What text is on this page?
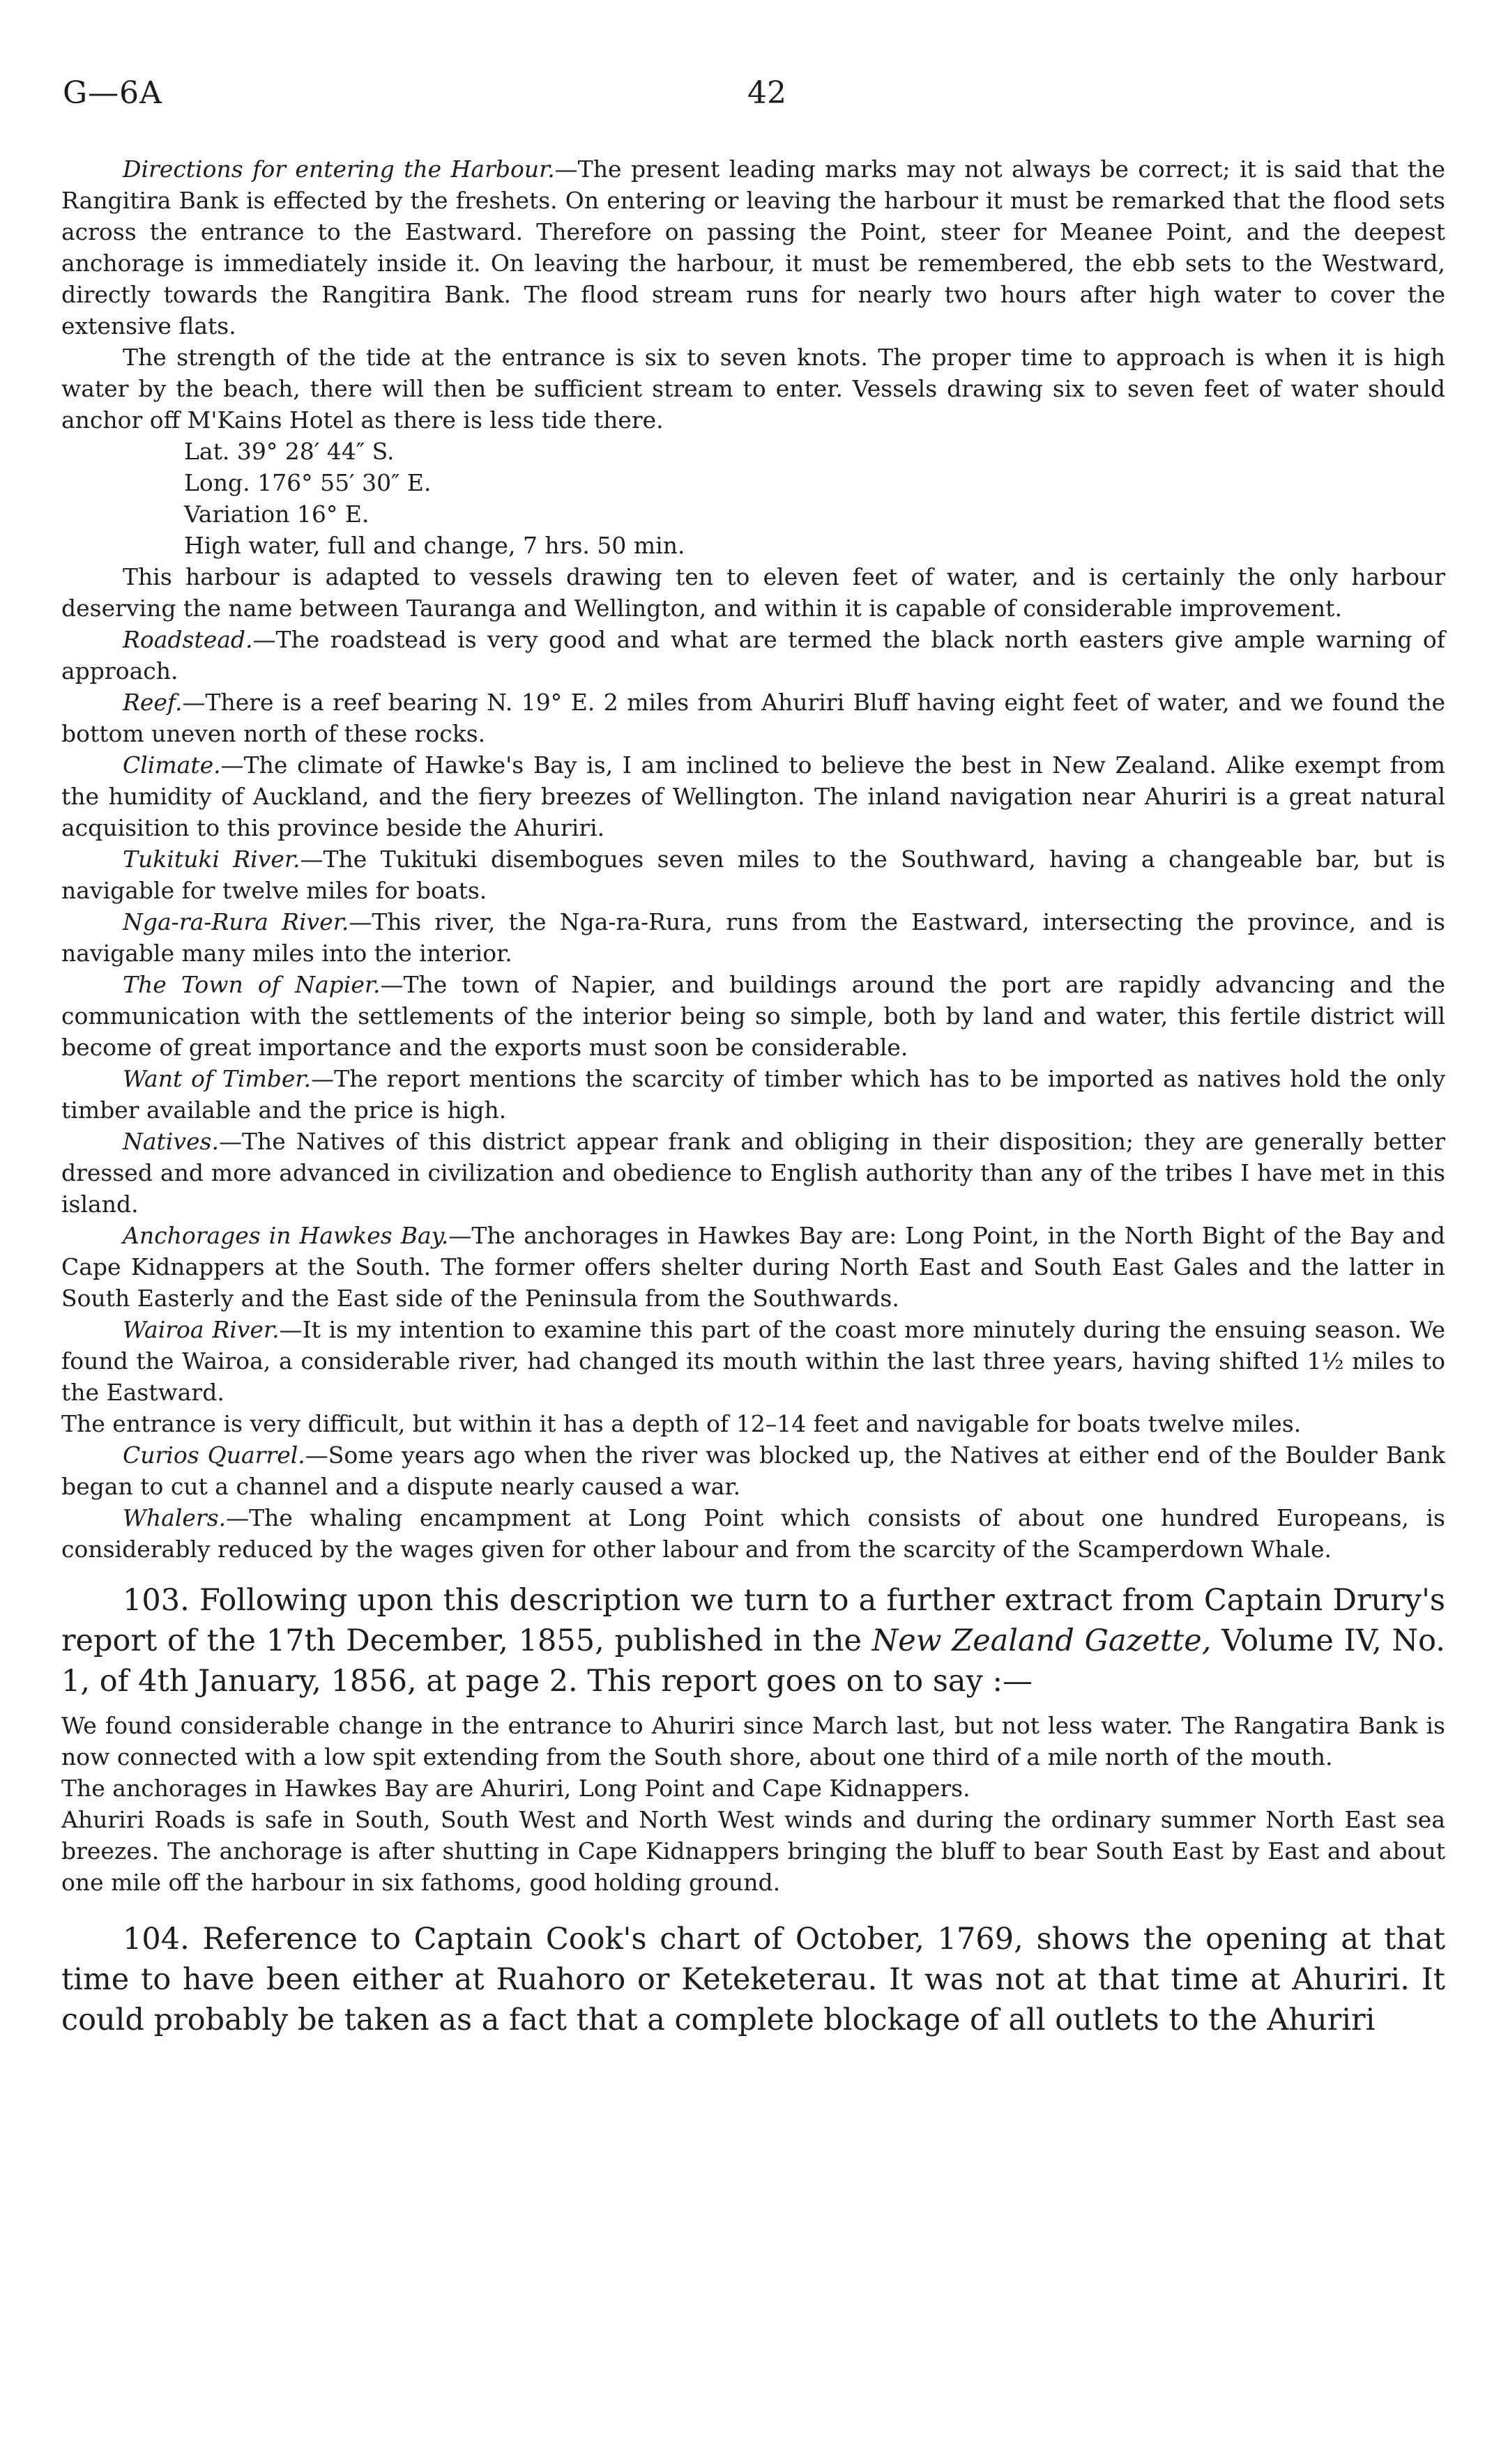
G—6A	42

Directions for entering the Harbour.—The present leading marks may not always be correct; it is said that the Rangitira Bank is effected by the freshets. On entering or leaving the harbour it must be remarked that the flood sets across the entrance to the Eastward. Therefore on passing the Point, steer for Meanee Point, and the deepest anchorage is immediately inside it. On leaving the harbour, it must be remembered, the ebb sets to the Westward, directly towards the Rangitira Bank. The flood stream runs for nearly two hours after high water to cover the extensive flats.

The strength of the tide at the entrance is six to seven knots. The proper time to approach is when it is high water by the beach, there will then be sufficient stream to enter. Vessels drawing six to seven feet of water should anchor off M'Kains Hotel as there is less tide there.

Lat. 39° 28′ 44″ S.
Long. 176° 55′ 30″ E.
Variation 16° E.
High water, full and change, 7 hrs. 50 min.

This harbour is adapted to vessels drawing ten to eleven feet of water, and is certainly the only harbour deserving the name between Tauranga and Wellington, and within it is capable of considerable improvement.

Roadstead.—The roadstead is very good and what are termed the black north easters give ample warning of approach.

Reef.—There is a reef bearing N. 19° E. 2 miles from Ahuriri Bluff having eight feet of water, and we found the bottom uneven north of these rocks.

Climate.—The climate of Hawke's Bay is, I am inclined to believe the best in New Zealand. Alike exempt from the humidity of Auckland, and the fiery breezes of Wellington. The inland navigation near Ahuriri is a great natural acquisition to this province beside the Ahuriri.

Tukituki River.—The Tukituki disembogues seven miles to the Southward, having a changeable bar, but is navigable for twelve miles for boats.

Nga-ra-Rura River.—This river, the Nga-ra-Rura, runs from the Eastward, intersecting the province, and is navigable many miles into the interior.

The Town of Napier.—The town of Napier, and buildings around the port are rapidly advancing and the communication with the settlements of the interior being so simple, both by land and water, this fertile district will become of great importance and the exports must soon be considerable.

Want of Timber.—The report mentions the scarcity of timber which has to be imported as natives hold the only timber available and the price is high.

Natives.—The Natives of this district appear frank and obliging in their disposition; they are generally better dressed and more advanced in civilization and obedience to English authority than any of the tribes I have met in this island.

Anchorages in Hawkes Bay.—The anchorages in Hawkes Bay are: Long Point, in the North Bight of the Bay and Cape Kidnappers at the South. The former offers shelter during North East and South East Gales and the latter in South Easterly and the East side of the Peninsula from the Southwards.

Wairoa River.—It is my intention to examine this part of the coast more minutely during the ensuing season. We found the Wairoa, a considerable river, had changed its mouth within the last three years, having shifted 1½ miles to the Eastward.

The entrance is very difficult, but within it has a depth of 12–14 feet and navigable for boats twelve miles.

Curios Quarrel.—Some years ago when the river was blocked up, the Natives at either end of the Boulder Bank began to cut a channel and a dispute nearly caused a war.

Whalers.—The whaling encampment at Long Point which consists of about one hundred Europeans, is considerably reduced by the wages given for other labour and from the scarcity of the Scamperdown Whale.

103. Following upon this description we turn to a further extract from Captain Drury's report of the 17th December, 1855, published in the New Zealand Gazette, Volume IV, No. 1, of 4th January, 1856, at page 2. This report goes on to say :—

We found considerable change in the entrance to Ahuriri since March last, but not less water. The Rangatira Bank is now connected with a low spit extending from the South shore, about one third of a mile north of the mouth.

The anchorages in Hawkes Bay are Ahuriri, Long Point and Cape Kidnappers.

Ahuriri Roads is safe in South, South West and North West winds and during the ordinary summer North East sea breezes. The anchorage is after shutting in Cape Kidnappers bringing the bluff to bear South East by East and about one mile off the harbour in six fathoms, good holding ground.

104. Reference to Captain Cook's chart of October, 1769, shows the opening at that time to have been either at Ruahoro or Keteketerau. It was not at that time at Ahuriri. It could probably be taken as a fact that a complete blockage of all outlets to the Ahuriri
